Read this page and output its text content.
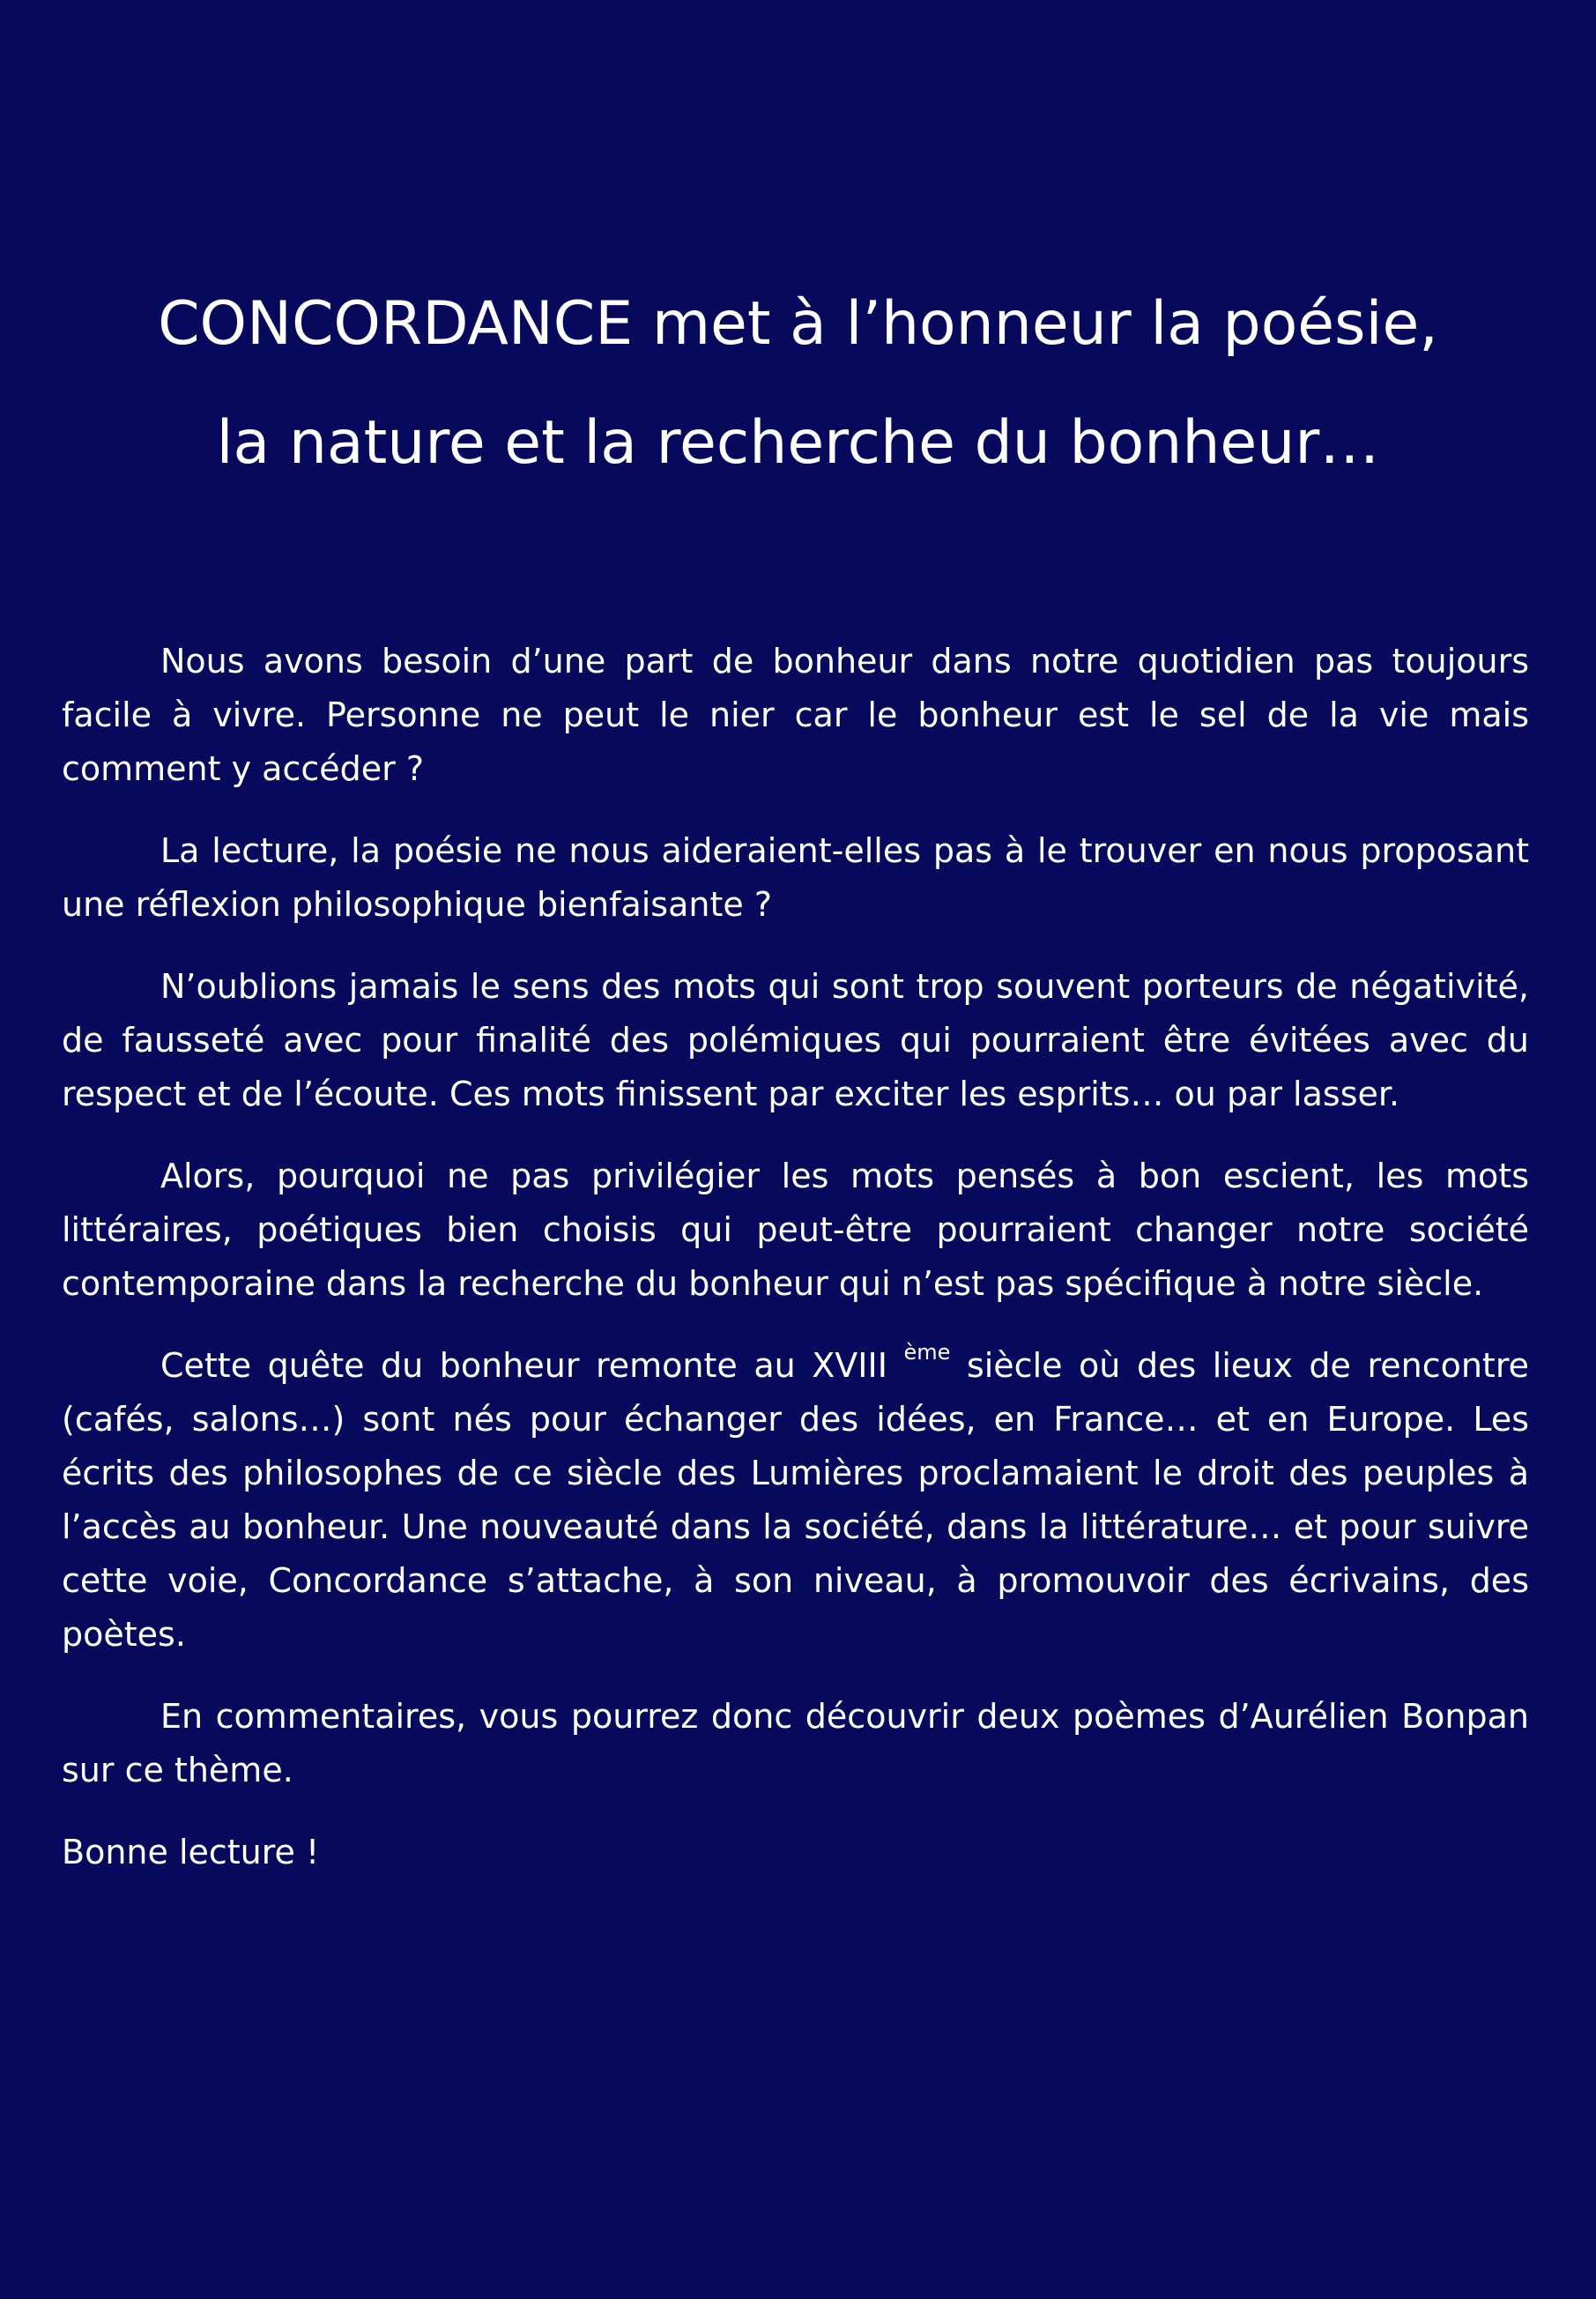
CONCORDANCE met à l’honneur la poésie,
la nature et la recherche du bonheur…

Nous avons besoin d’une part de bonheur dans notre quotidien pas toujours facile à vivre. Personne ne peut le nier car le bonheur est le sel de la vie mais comment y accéder ?

La lecture, la poésie ne nous aideraient-elles pas à le trouver en nous proposant une réflexion philosophique bienfaisante ?

N’oublions jamais le sens des mots qui sont trop souvent porteurs de négativité, de fausseté avec pour finalité des polémiques qui pourraient être évitées avec du respect et de l’écoute. Ces mots finissent par exciter les esprits… ou par lasser.

Alors, pourquoi ne pas privilégier les mots pensés à bon escient, les mots littéraires, poétiques bien choisis qui peut-être pourraient changer notre société contemporaine dans la recherche du bonheur qui n’est pas spécifique à notre siècle.

Cette quête du bonheur remonte au XVIII $^{ème}$ siècle où des lieux de rencontre (cafés, salons…) sont nés pour échanger des idées, en France… et en Europe. Les écrits des philosophes de ce siècle des Lumières proclamaient le droit des peuples à l’accès au bonheur. Une nouveauté dans la société, dans la littérature… et pour suivre cette voie, Concordance s’attache, à son niveau, à promouvoir des écrivains, des poètes.

En commentaires, vous pourrez donc découvrir deux poèmes d’Aurélien Bonpan sur ce thème.

Bonne lecture !
